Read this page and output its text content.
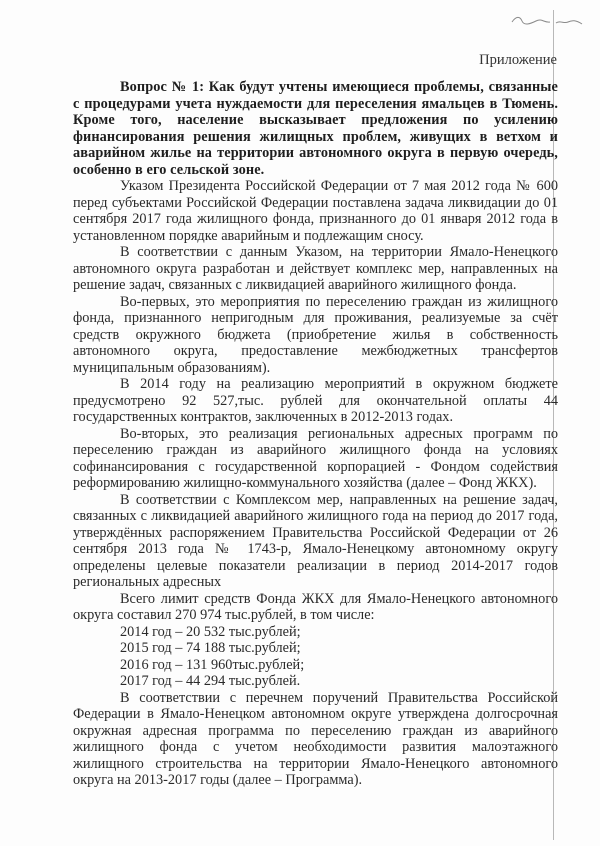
Приложение

Вопрос № 1: Как будут учтены имеющиеся проблемы, связанные с процедурами учета нуждаемости для переселения ямальцев в Тюмень. Кроме того, население высказывает предложения по усилению финансирования решения жилищных проблем, живущих в ветхом и аварийном жилье на территории автономного округа в первую очередь, особенно в его сельской зоне.

Указом Президента Российской Федерации от 7 мая 2012 года № 600 перед субъектами Российской Федерации поставлена задача ликвидации до 01 сентября 2017 года жилищного фонда, признанного до 01 января 2012 года в установленном порядке аварийным и подлежащим сносу.

В соответствии с данным Указом, на территории Ямало-Ненецкого автономного округа разработан и действует комплекс мер, направленных на решение задач, связанных с ликвидацией аварийного жилищного фонда.

Во-первых, это мероприятия по переселению граждан из жилищного фонда, признанного непригодным для проживания, реализуемые за счёт средств окружного бюджета (приобретение жилья в собственность автономного округа, предоставление межбюджетных трансфертов муниципальным образованиям).

В 2014 году на реализацию мероприятий в окружном бюджете предусмотрено 92 527,тыс. рублей для окончательной оплаты 44 государственных контрактов, заключенных в 2012-2013 годах.

Во-вторых, это реализация региональных адресных программ по переселению граждан из аварийного жилищного фонда на условиях софинансирования с государственной корпорацией - Фондом содействия реформированию жилищно-коммунального хозяйства (далее – Фонд ЖКХ).

В соответствии с Комплексом мер, направленных на решение задач, связанных с ликвидацией аварийного жилищного года на период до 2017 года, утверждённых распоряжением Правительства Российской Федерации от 26 сентября 2013 года № 1743-р, Ямало-Ненецкому автономному округу определены целевые показатели реализации в период 2014-2017 годов региональных адресных

Всего лимит средств Фонда ЖКХ для Ямало-Ненецкого автономного округа составил 270 974 тыс.рублей, в том числе:

2014 год – 20 532 тыс.рублей;

2015 год – 74 188 тыс.рублей;

2016 год – 131 960тыс.рублей;

2017 год – 44 294 тыс.рублей.

В соответствии с перечнем поручений Правительства Российской Федерации в Ямало-Ненецком автономном округе утверждена долгосрочная окружная адресная программа по переселению граждан из аварийного жилищного фонда с учетом необходимости развития малоэтажного жилищного строительства на территории Ямало-Ненецкого автономного округа на 2013-2017 годы (далее – Программа).
